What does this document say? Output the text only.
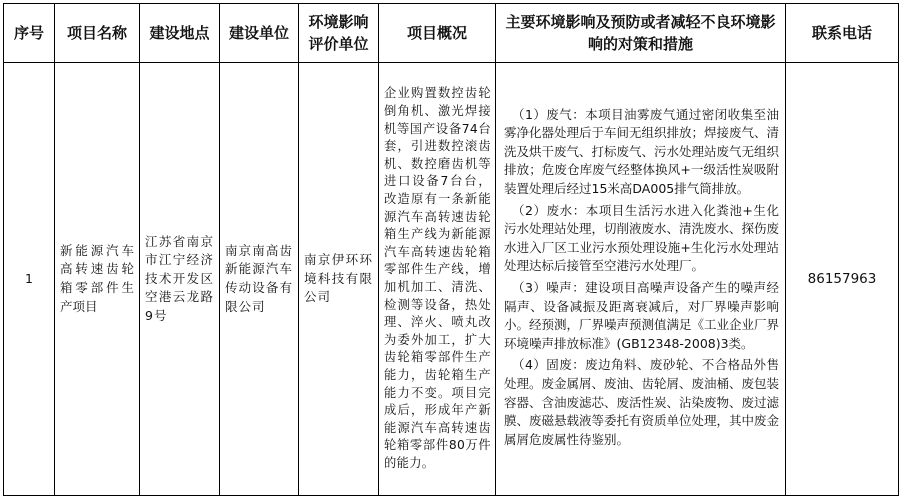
序号	项目名称	建设地点	建设单位	环境影响评价单位	项目概况	主要环境影响及预防或者减轻不良环境影响的对策和措施	联系电话
1	新能源汽车高转速齿轮箱零部件生产项目	江苏省南京市江宁经济技术开发区空港云龙路9号	南京南高齿新能源汽车传动设备有限公司	南京伊环环境科技有限公司	企业购置数控齿轮倒角机、激光焊接机等国产设备74台套，引进数控滚齿机、数控磨齿机等进口设备7台台，改造原有一条新能源汽车高转速齿轮箱生产线为新能源汽车高转速齿轮箱零部件生产线，增加机加工、清洗、检测等设备，热处理、淬火、喷丸改为委外加工，扩大齿轮箱零部件生产能力，齿轮箱生产能力不变。项目完成后，形成年产新能源汽车高转速齿轮箱零部件80万件的能力。	（1）废气：本项目油雾废气通过密闭收集至油雾净化器处理后于车间无组织排放；焊接废气、清洗及烘干废气、打标废气、污水处理站废气无组织排放；危废仓库废气经整体换风+一级活性炭吸附装置处理后经过15米高DA005排气筒排放。

（2）废水：本项目生活污水进入化粪池+生化污水处理站处理，切削液废水、清洗废水、探伤废水进入厂区工业污水预处理设施+生化污水处理站处理达标后接管至空港污水处理厂。

（3）噪声：建设项目高噪声设备产生的噪声经隔声、设备减振及距离衰减后，对厂界噪声影响小。经预测，厂界噪声预测值满足《工业企业厂界环境噪声排放标准》(GB12348-2008)3类。

（4）固废：废边角料、废砂轮、不合格品外售处理。废金属屑、废油、齿轮屑、废油桶、废包装容器、含油废滤芯、废活性炭、沾染废物、废过滤膜、废磁悬载液等委托有资质单位处理，其中废金属屑危废属性待鉴别。	86157963
